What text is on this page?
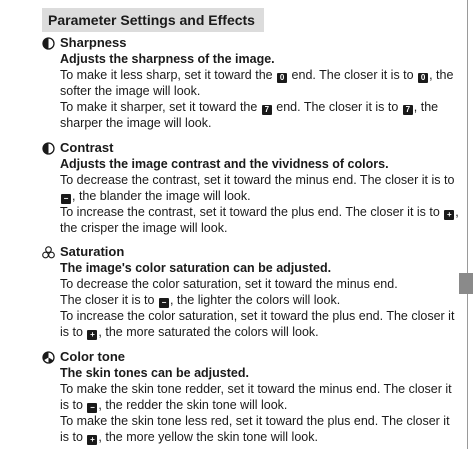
Parameter Settings and Effects
Sharpness
Adjusts the sharpness of the image.
To make it less sharp, set it toward the 0 end. The closer it is to 0 , the softer the image will look.
To make it sharper, set it toward the 7 end. The closer it is to 7 , the sharper the image will look.
Contrast
Adjusts the image contrast and the vividness of colors.
To decrease the contrast, set it toward the minus end. The closer it is to − , the blander the image will look.
To increase the contrast, set it toward the plus end. The closer it is to + , the crisper the image will look.
Saturation
The image's color saturation can be adjusted.
To decrease the color saturation, set it toward the minus end.
The closer it is to − , the lighter the colors will look.
To increase the color saturation, set it toward the plus end. The closer it is to + , the more saturated the colors will look.
Color tone
The skin tones can be adjusted.
To make the skin tone redder, set it toward the minus end. The closer it is to − , the redder the skin tone will look.
To make the skin tone less red, set it toward the plus end. The closer it is to + , the more yellow the skin tone will look.
